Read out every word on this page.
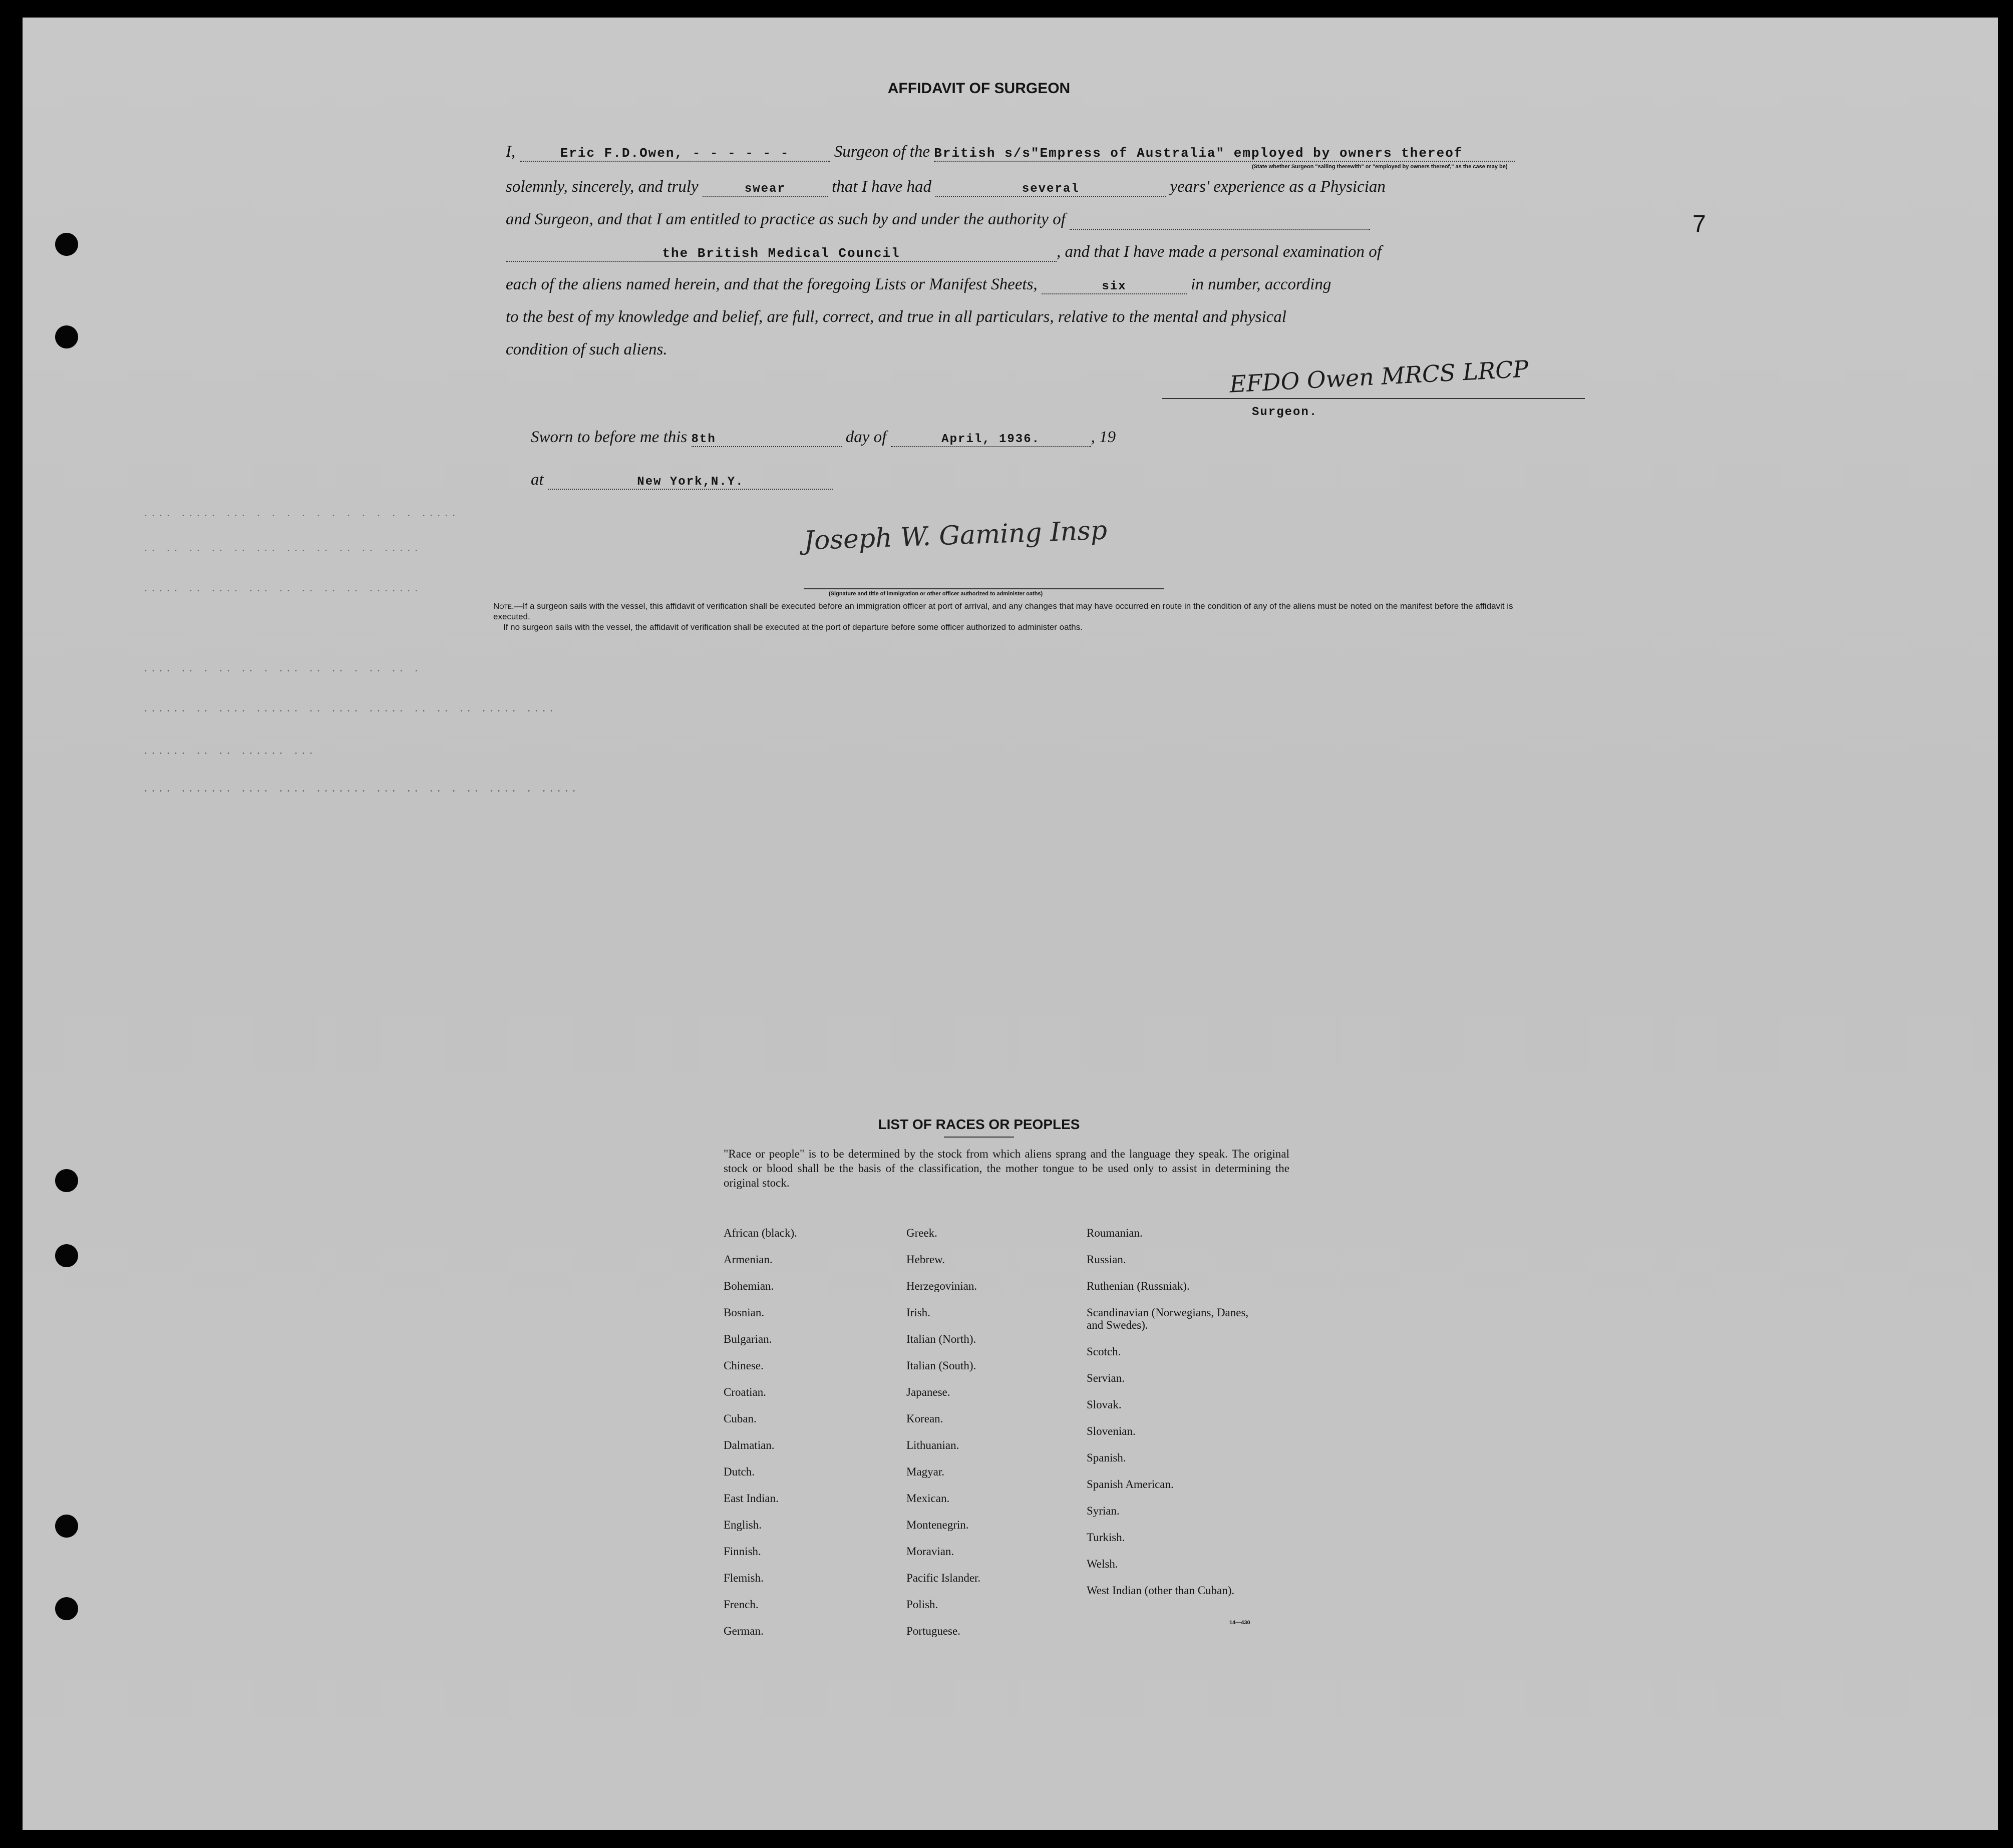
7
AFFIDAVIT OF SURGEON
I,	Eric F.D.Owen, - - - - - -	Surgeon of the British s/s"Empress of Australia" employed by owners thereof
(State whether Surgeon "sailing therewith" or "employed by owners thereof," as the case may be)
solemnly, sincerely, and truly	swear	that I have had	several	years' experience as a Physician
and Surgeon, and that I am entitled to practice as such by and under the authority of
the British Medical Council	, and that I have made a personal examination of
each of the aliens named herein, and that the foregoing Lists or Manifest Sheets,	six	in number, according
to the best of my knowledge and belief, are full, correct, and true in all particulars, relative to the mental and physical
condition of such aliens.
EFDO Owen MRCS LRCP
Surgeon.
Sworn to before me this 8th	day of	April, 1936.	, 19
at	New York,N.Y.
.... ..... ... . . . . . . . . . . . .....
.. .. .. .. .. ... ... .. .. .. .....
..... .. .... ... .. .. .. .. .......
.... .. . .. .. . ... .. .. . .. .. .
...... .. .... ...... .. .... ..... .. .. .. ..... ....
...... .. .. ...... ...
.... ....... .... .... ....... ... .. .. . .. .... . .....
Joseph W. Gaming Insp
(Signature and title of immigration or other officer authorized to administer oaths)
Note.—If a surgeon sails with the vessel, this affidavit of verification shall be executed before an immigration officer at port of arrival, and any changes that may have occurred en route in the condition of any of the aliens must be noted on the manifest before the affidavit is executed.
If no surgeon sails with the vessel, the affidavit of verification shall be executed at the port of departure before some officer authorized to administer oaths.
LIST OF RACES OR PEOPLES
"Race or people" is to be determined by the stock from which aliens sprang and the language they speak. The original stock or blood shall be the basis of the classification, the mother tongue to be used only to assist in determining the original stock.
African (black).
Armenian.
Bohemian.
Bosnian.
Bulgarian.
Chinese.
Croatian.
Cuban.
Dalmatian.
Dutch.
East Indian.
English.
Finnish.
Flemish.
French.
German.
Greek.
Hebrew.
Herzegovinian.
Irish.
Italian (North).
Italian (South).
Japanese.
Korean.
Lithuanian.
Magyar.
Mexican.
Montenegrin.
Moravian.
Pacific Islander.
Polish.
Portuguese.
Roumanian.
Russian.
Ruthenian (Russniak).
Scandinavian (Norwegians, Danes, and Swedes).
Scotch.
Servian.
Slovak.
Slovenian.
Spanish.
Spanish American.
Syrian.
Turkish.
Welsh.
West Indian (other than Cuban).
14—430
